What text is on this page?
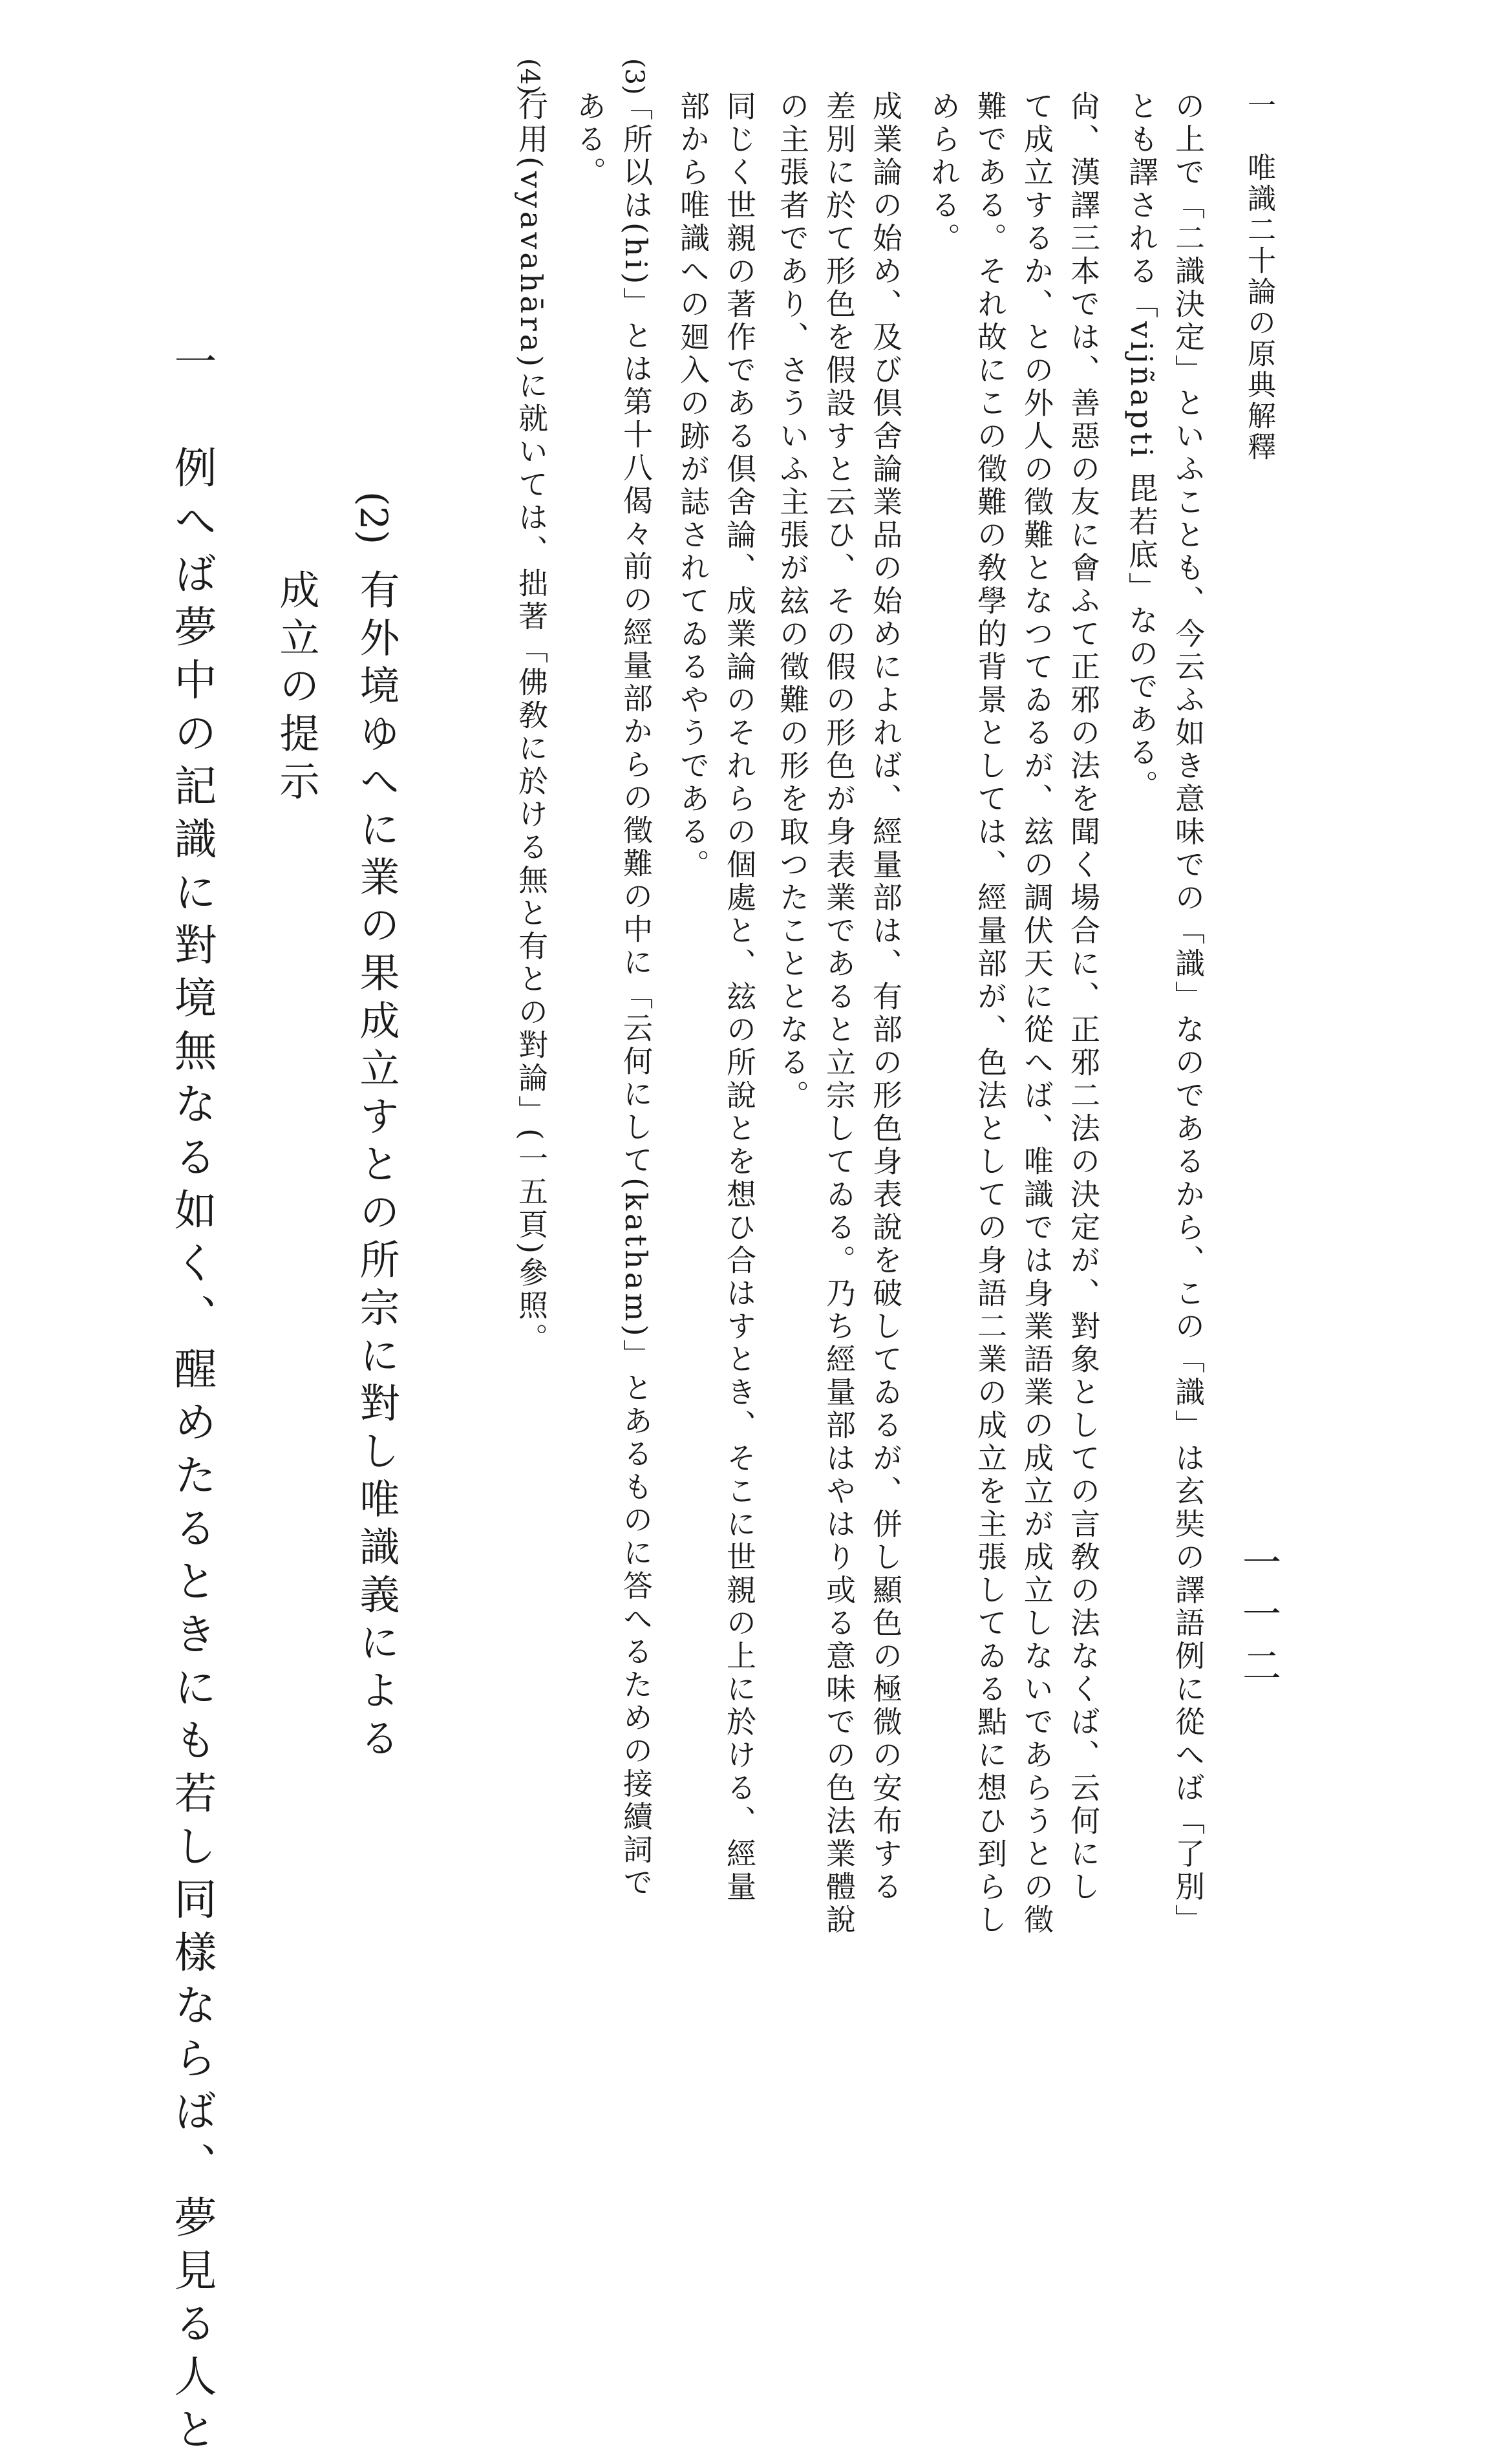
一　唯識二十論の原典解釋
一一二
の上で「二識決定」といふことも、今云ふ如き意味での「識」なのであるから、この「識」は玄奘の譯語例に從へば「了別」
とも譯される「vijñapti 毘若底」なのである。
尙、漢譯三本では、善惡の友に會ふて正邪の法を聞く場合に、正邪二法の決定が、對象としての言敎の法なくば、云何にし
て成立するか、との外人の徵難となつてゐるが、玆の調伏天に從へば、唯識では身業語業の成立が成立しないであらうとの徵
難である。それ故にこの徵難の敎學的背景としては、經量部が、色法としての身語二業の成立を主張してゐる點に想ひ到らし
められる。
成業論の始め、及び倶舍論業品の始めによれば、經量部は、有部の形色身表說を破してゐるが、併し顯色の極微の安布する
差別に於て形色を假設すと云ひ、その假の形色が身表業であると立宗してゐる。乃ち經量部はやはり或る意味での色法業體說
の主張者であり、さういふ主張が玆の徵難の形を取つたこととなる。
同じく世親の著作である倶舍論、成業論のそれらの個處と、玆の所說とを想ひ合はすとき、そこに世親の上に於ける、經量
部から唯識への廻入の跡が誌されてゐるやうである。
(3)
「所以は(hi)」とは第十八偈々前の經量部からの徵難の中に「云何にして(katham)」とあるものに答へるための接續詞で
ある。
(4)
行用(vyavahāra)に就いては、拙著「佛敎に於ける無と有との對論」(一五頁)參照。
(2)
有外境ゆへに業の果成立すとの所宗に對し唯識義による
成立の提示
一　例へば夢中の記識に對境無なる如く、醒めたるときにも若し同樣ならば、夢見る人と
